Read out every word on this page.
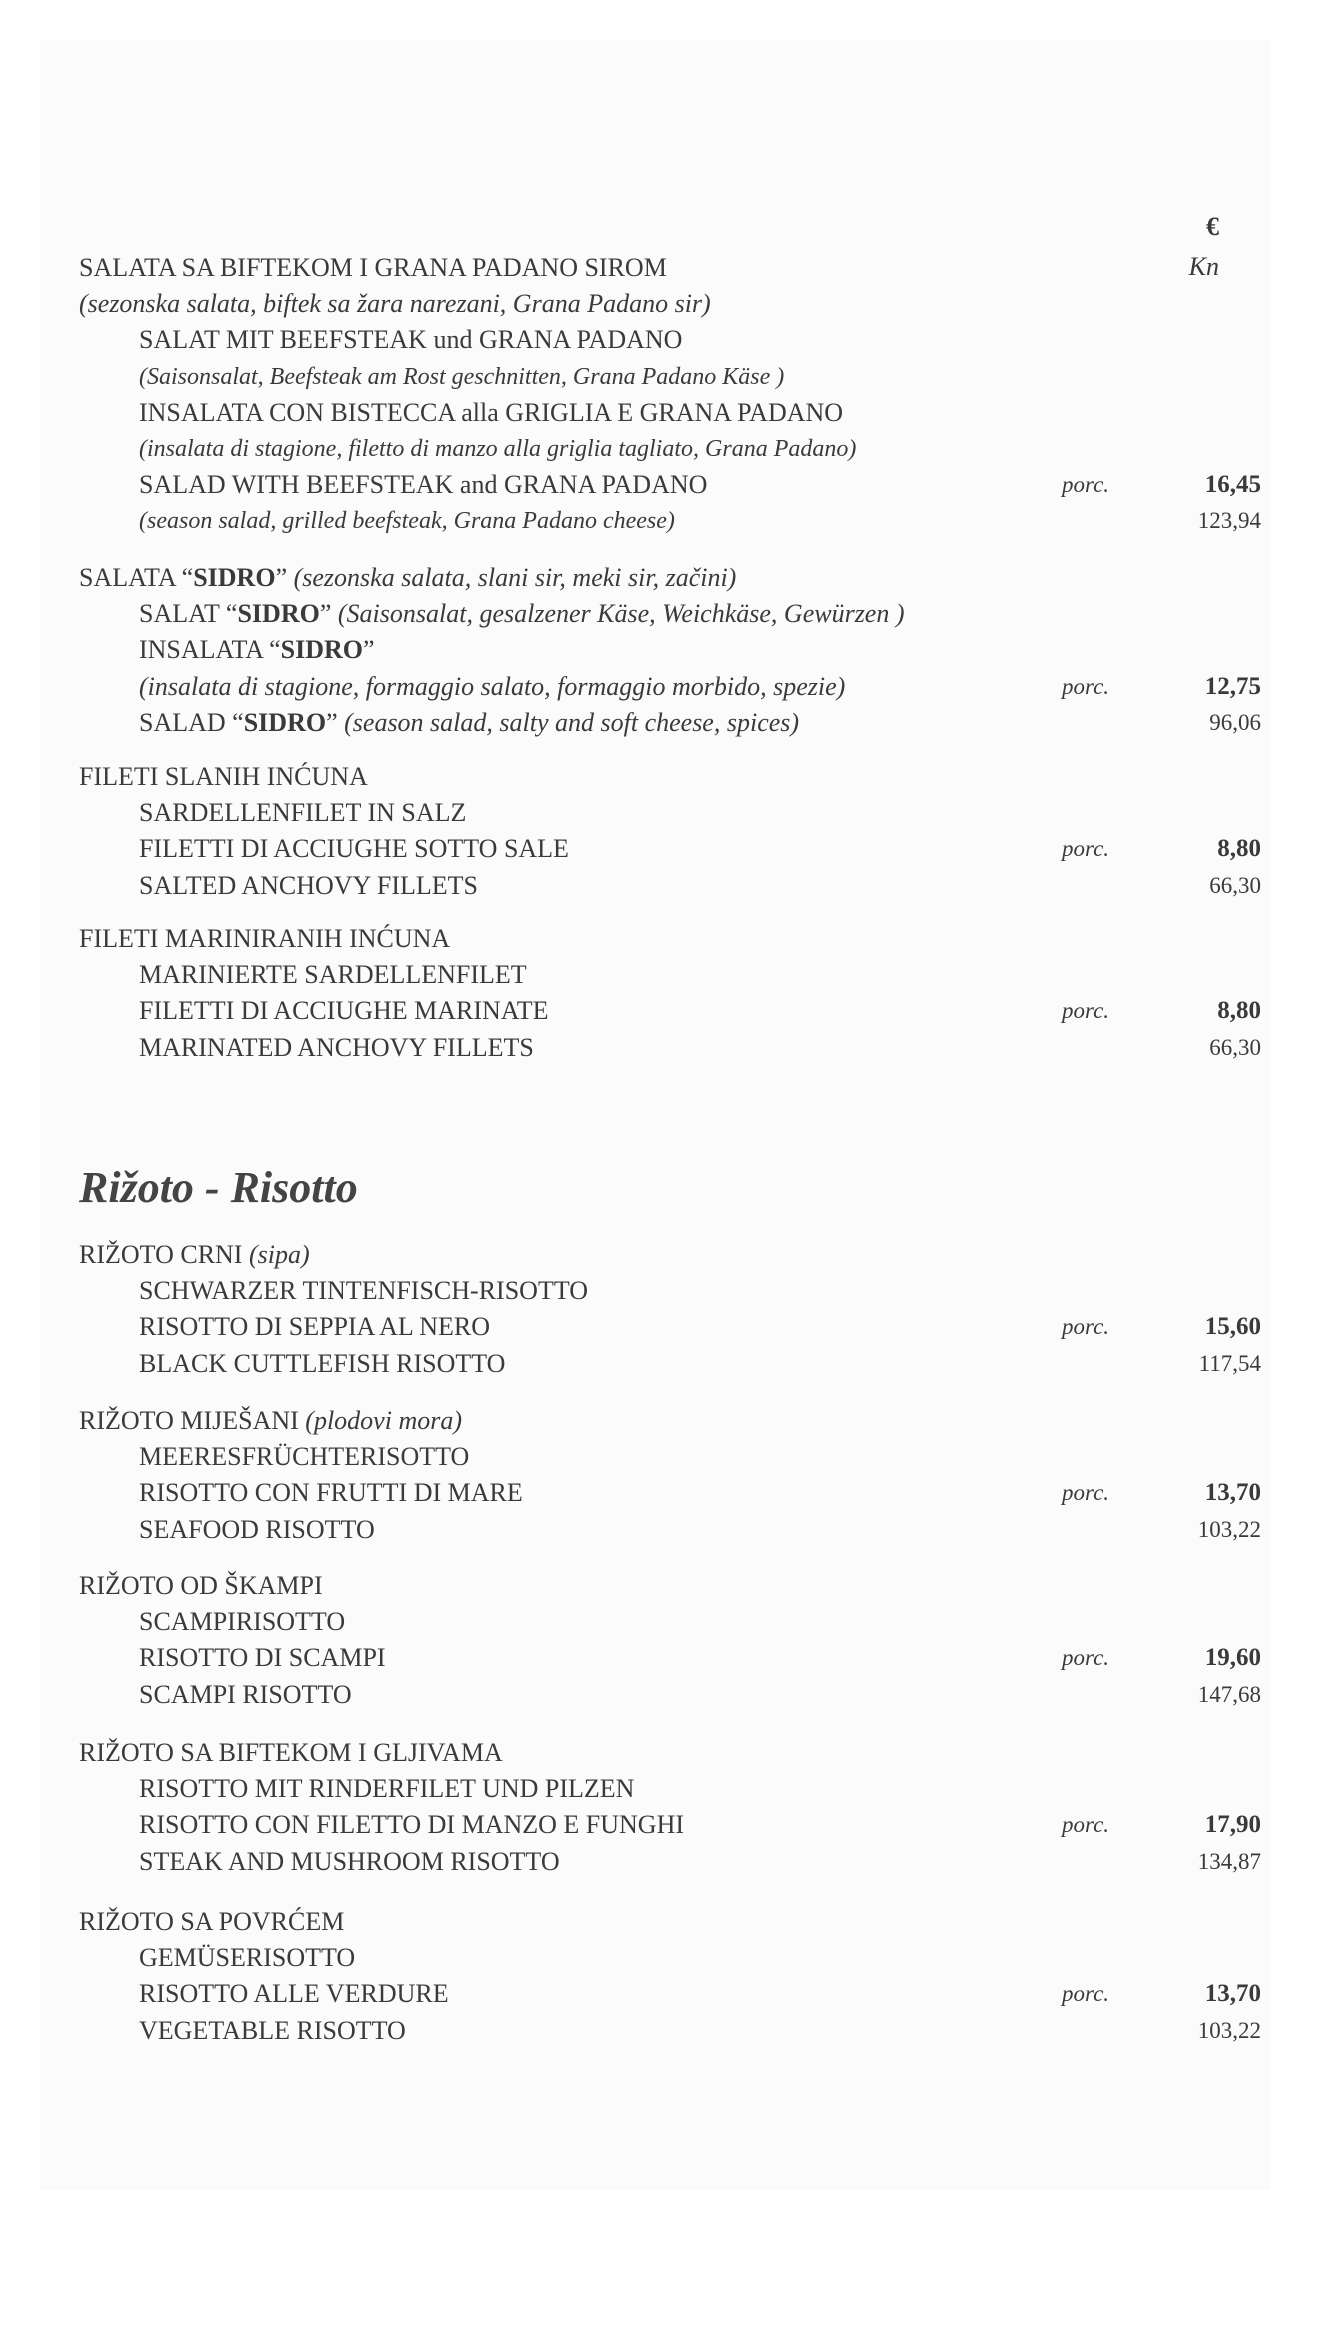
€
Kn
Rižoto - Risotto
SALATA SA BIFTEKOM I GRANA PADANO SIROM
(sezonska salata, biftek sa žara narezani, Grana Padano sir)
SALAT MIT BEEFSTEAK und GRANA PADANO
(Saisonsalat, Beefsteak am Rost geschnitten, Grana Padano Käse )
INSALATA CON BISTECCA alla GRIGLIA E GRANA PADANO
(insalata di stagione, filetto di manzo alla griglia tagliato, Grana Padano)
SALAD WITH BEEFSTEAK and GRANA PADANO	porc.	16,45
(season salad, grilled beefsteak, Grana Padano cheese)	123,94
SALATA “SIDRO” (sezonska salata, slani sir, meki sir, začini)
SALAT “SIDRO” (Saisonsalat, gesalzener Käse, Weichkäse, Gewürzen )
INSALATA “SIDRO”
(insalata di stagione, formaggio salato, formaggio morbido, spezie)	porc.	12,75
SALAD “SIDRO” (season salad, salty and soft cheese, spices)	96,06
FILETI SLANIH INĆUNA
SARDELLENFILET IN SALZ
FILETTI DI ACCIUGHE SOTTO SALE	porc.	8,80
SALTED ANCHOVY FILLETS	66,30
FILETI MARINIRANIH INĆUNA
MARINIERTE SARDELLENFILET
FILETTI DI ACCIUGHE MARINATE	porc.	8,80
MARINATED ANCHOVY FILLETS	66,30
RIŽOTO CRNI (sipa)
SCHWARZER TINTENFISCH-RISOTTO
RISOTTO DI SEPPIA AL NERO	porc.	15,60
BLACK CUTTLEFISH RISOTTO	117,54
RIŽOTO MIJEŠANI (plodovi mora)
MEERESFRÜCHTERISOTTO
RISOTTO CON FRUTTI DI MARE	porc.	13,70
SEAFOOD RISOTTO	103,22
RIŽOTO OD ŠKAMPI
SCAMPIRISOTTO
RISOTTO DI SCAMPI	porc.	19,60
SCAMPI RISOTTO	147,68
RIŽOTO SA BIFTEKOM I GLJIVAMA
RISOTTO MIT RINDERFILET UND PILZEN
RISOTTO CON FILETTO DI MANZO E FUNGHI	porc.	17,90
STEAK AND MUSHROOM RISOTTO	134,87
RIŽOTO SA POVRĆEM
GEMÜSERISOTTO
RISOTTO ALLE VERDURE	porc.	13,70
VEGETABLE RISOTTO	103,22
